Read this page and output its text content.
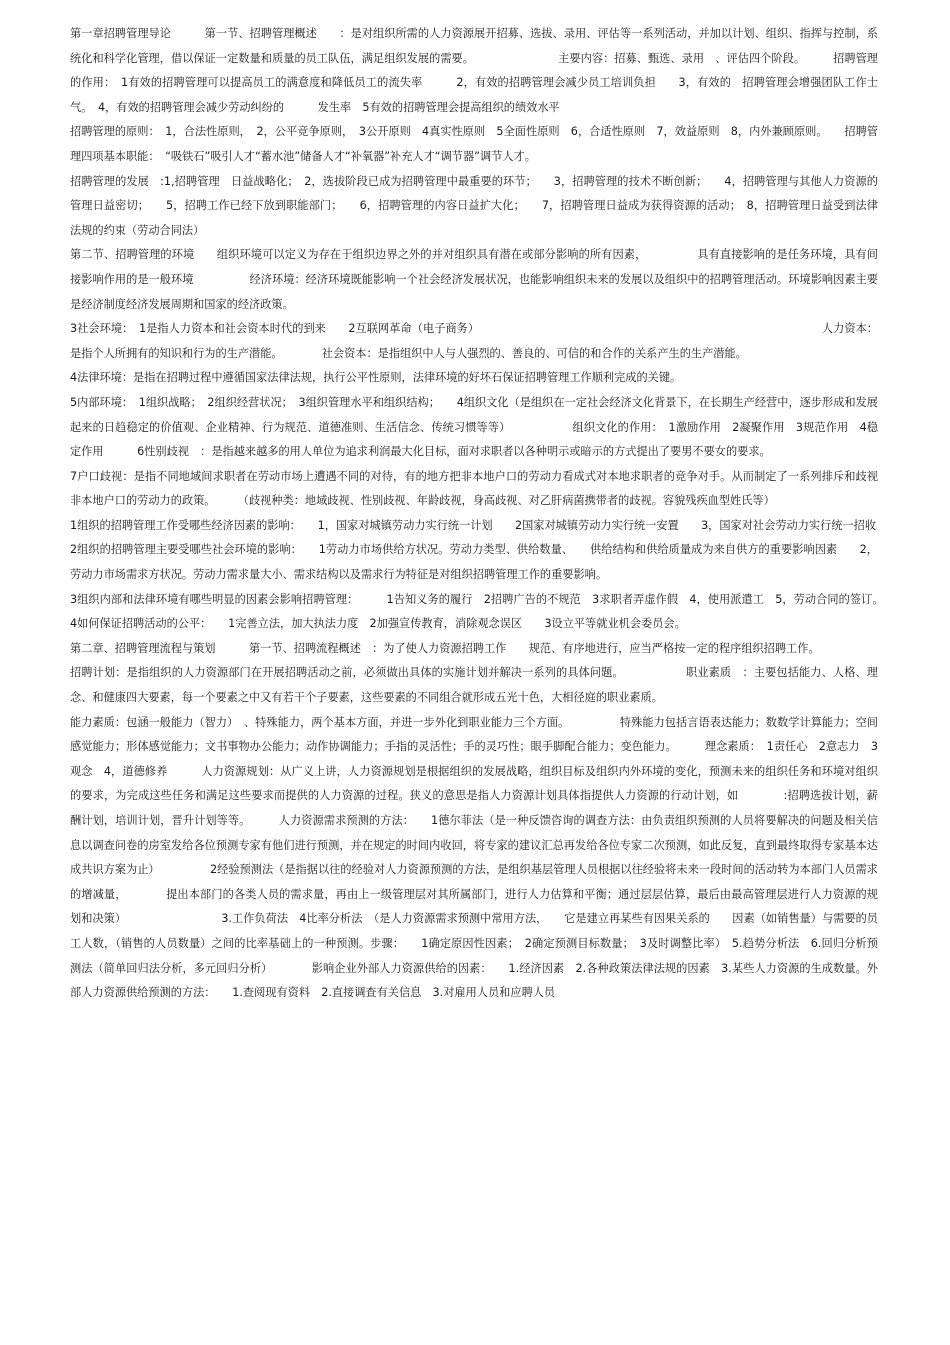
第一章招聘管理导论　　　第一节、招聘管理概述　　：是对组织所需的人力资源展开招募、选拔、录用、评估等一系列活动，并加以计划、组织、指挥与控制，系统化和科学化管理，借以保证一定数量和质量的员工队伍，满足组织发展的需要。　　　　　　　　主要内容：招募、甄选、录用　、评估四个阶段。　　　招聘管理的作用：　1有效的招聘管理可以提高员工的满意度和降低员工的流失率　　　2，有效的招聘管理会减少员工培训负担　　3，有效的　招聘管理会增强团队工作士气。　4，有效的招聘管理会减少劳动纠纷的　　　发生率　5有效的招聘管理会提高组织的绩效水平

招聘管理的原则：　1，合法性原则，　2，公平竞争原则，　3公开原则　4真实性原则　5全面性原则　6，合适性原则　7，效益原则　8，内外兼顾原则。　　招聘管理四项基本职能：　“吸铁石”吸引人才“蓄水池”储备人才“补氧器”补充人才“调节器”调节人才。

招聘管理的发展　:1,招聘管理　日益战略化；　2，选拔阶段已成为招聘管理中最重要的环节；　　3，招聘管理的技术不断创新；　　4，招聘管理与其他人力资源的管理日益密切；　　5，招聘工作已经下放到职能部门；　　6，招聘管理的内容日益扩大化；　　7，招聘管理日益成为获得资源的活动；　8，招聘管理日益受到法律法规的约束（劳动合同法）

第二节、招聘管理的环境　　组织环境可以定义为存在于组织边界之外的并对组织具有潜在或部分影响的所有因素，　　　　　具有直接影响的是任务环境，具有间接影响作用的是一般环境　　　　　经济环境：经济环境既能影响一个社会经济发展状况，也能影响组织未来的发展以及组织中的招聘管理活动。环境影响因素主要是经济制度经济发展周期和国家的经济政策。

3社会环境：　1是指人力资本和社会资本时代的到来　　2互联网革命（电子商务）　　　　　　　　　　　　　　　　　　　　　　　　　　　　　　　人力资本：是指个人所拥有的知识和行为的生产潜能。　　　　社会资本：是指组织中人与人强烈的、善良的、可信的和合作的关系产生的生产潜能。

4法律环境：是指在招聘过程中遵循国家法律法规，执行公平性原则，法律环境的好坏石保证招聘管理工作顺利完成的关键。

5内部环境：　1组织战略；　2组织经营状况；　3组织管理水平和组织结构；　　4组织文化（是组织在一定社会经济文化背景下，在长期生产经营中，逐步形成和发展起来的日趋稳定的价值观、企业精神、行为规范、道德准则、生活信念、传统习惯等等）　　　　　　组织文化的作用：　1激励作用　2凝聚作用　3规范作用　4稳定作用　　　6性别歧视　：是指越来越多的用人单位为追求利润最大化目标，面对求职者以各种明示或暗示的方式提出了要男不要女的要求。

7户口歧视：是指不同地域间求职者在劳动市场上遭遇不同的对待，有的地方把非本地户口的劳动力看成式对本地求职者的竞争对手。从而制定了一系列排斥和歧视非本地户口的劳动力的政策。　　　（歧视种类：地域歧视、性别歧视、年龄歧视，身高歧视、对乙肝病菌携带者的歧视。容貌残疾血型姓氏等）

1组织的招聘管理工作受哪些经济因素的影响：　　1，国家对城镇劳动力实行统一计划　　2国家对城镇劳动力实行统一安置　　3，国家对社会劳动力实行统一招收

2组织的招聘管理主要受哪些社会环境的影响：　　1劳动力市场供给方状况。劳动力类型、供给数量、　　供给结构和供给质量成为来自供方的重要影响因素　　2，劳动力市场需求方状况。劳动力需求量大小、需求结构以及需求行为特征是对组织招聘管理工作的重要影响。

3组织内部和法律环境有哪些明显的因素会影响招聘管理：　　　1告知义务的履行　2招聘广告的不规范　3求职者弄虚作假　4，使用派遣工　5，劳动合同的签订。　　4如何保证招聘活动的公平：　　1完善立法，加大执法力度　2加强宣传教育，消除观念误区　　3设立平等就业机会委员会。

第二章、招聘管理流程与策划　　　第一节、招聘流程概述　：为了使人力资源招聘工作　　规范、有序地进行，应当严格按一定的程序组织招聘工作。

招聘计划：是指组织的人力资源部门在开展招聘活动之前，必须做出具体的实施计划并解决一系列的具体问题。　　　　　　职业素质　：主要包括能力、人格、理念、和健康四大要素，每一个要素之中又有若干个子要素，这些要素的不同组合就形成五光十色，大相径庭的职业素质。

能力素质：包涵一般能力（智力）　、特殊能力，两个基本方面，并进一步外化到职业能力三个方面。　　　　　特殊能力包括言语表达能力；数数学计算能力；空间感觉能力；形体感觉能力；文书事物办公能力；动作协调能力；手指的灵活性；手的灵巧性；眼手脚配合能力；变色能力。　　　理念素质：　1责任心　2意志力　3观念　4，道德修养　　　人力资源规划：从广义上讲，人力资源规划是根据组织的发展战略，组织目标及组织内外环境的变化，预测未来的组织任务和环境对组织的要求，为完成这些任务和满足这些要求而提供的人力资源的过程。狭义的意思是指人力资源计划具体指提供人力资源的行动计划，如　　　　:招聘选拔计划，薪酬计划，培训计划，晋升计划等等。　　　人力资源需求预测的方法：　　1德尔菲法（是一种反馈咨询的调查方法：由负责组织预测的人员将要解决的问题及相关信息以调查问卷的房室发给各位预测专家有他们进行预测，并在规定的时间内收回，将专家的建议汇总再发给各位专家二次预测，如此反复，直到最终取得专家基本达成共识方案为止）　　　　　2经验预测法（是指据以往的经验对人力资源预测的方法，是组织基层管理人员根据以往经验将未来一段时间的活动转为本部门人员需求的增减量，　　　　提出本部门的各类人员的需求量，再由上一级管理层对其所属部门，进行人力估算和平衡；通过层层估算，最后由最高管理层进行人力资源的规划和决策）　　　　　　　　　3.工作负荷法　4比率分析法　（是人力资源需求预测中常用方法，　　它是建立再某些有因果关系的　　因素（如销售量）与需要的员工人数，（销售的人员数量）之间的比率基础上的一种预测。步骤：　　1确定原因性因素；　2确定预测目标数量；　3及时调整比率）　5.趋势分析法　6.回归分析预测法（简单回归法分析，多元回归分析）　　　　影响企业外部人力资源供给的因素：　　1.经济因素　2.各种政策法律法规的因素　3.某些人力资源的生成数量。外部人力资源供给预测的方法：　　1.查阅现有资料　2.直接调查有关信息　3.对雇用人员和应聘人员
